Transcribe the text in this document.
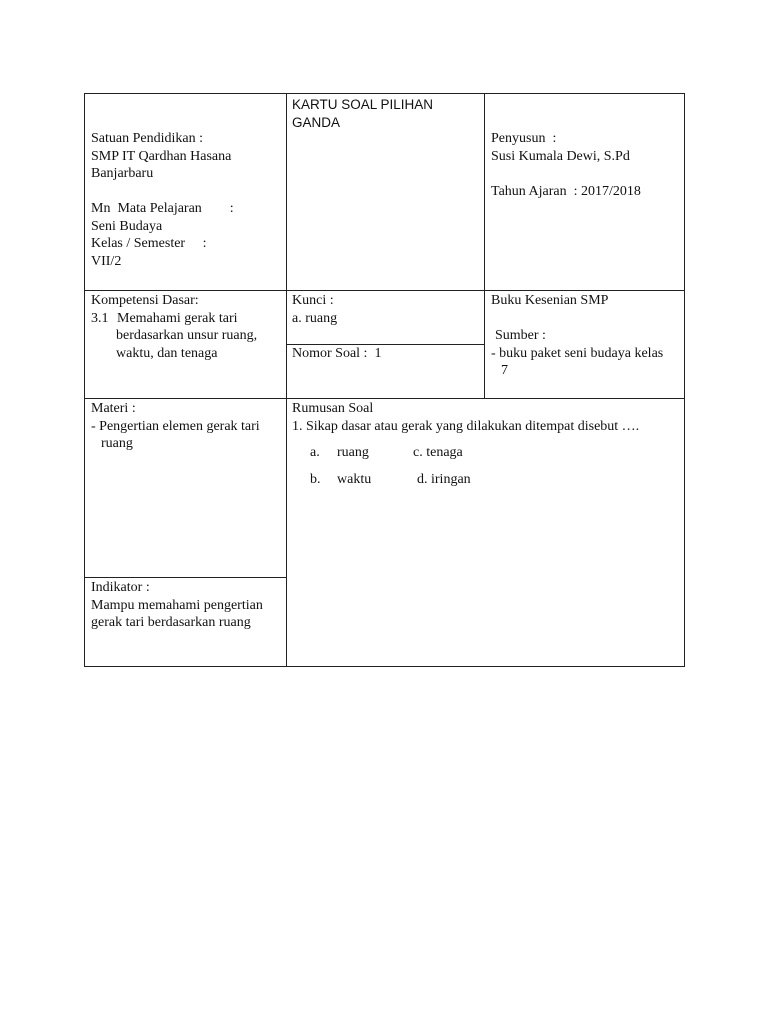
Satuan Pendidikan :
SMP IT Qardhan Hasana
Banjarbaru
Mn  Mata Pelajaran        :
Seni Budaya
Kelas / Semester     :
VII/2
KARTU SOAL PILIHAN
GANDA
Penyusun  :
Susi Kumala Dewi, S.Pd
Tahun Ajaran  : 2017/2018
Kompetensi Dasar:
3.1 Memahami gerak tari
berdasarkan unsur ruang,
waktu, dan tenaga
Kunci :
a. ruang
Nomor Soal :  1
Buku Kesenian SMP
Sumber :
- buku paket seni budaya kelas
7
Materi :
- Pengertian elemen gerak tari
ruang
Indikator :
Mampu memahami pengertian
gerak tari berdasarkan ruang
Rumusan Soal
1. Sikap dasar atau gerak yang dilakukan ditempat disebut ….
a. ruang	c. tenaga
b. waktu	d. iringan
